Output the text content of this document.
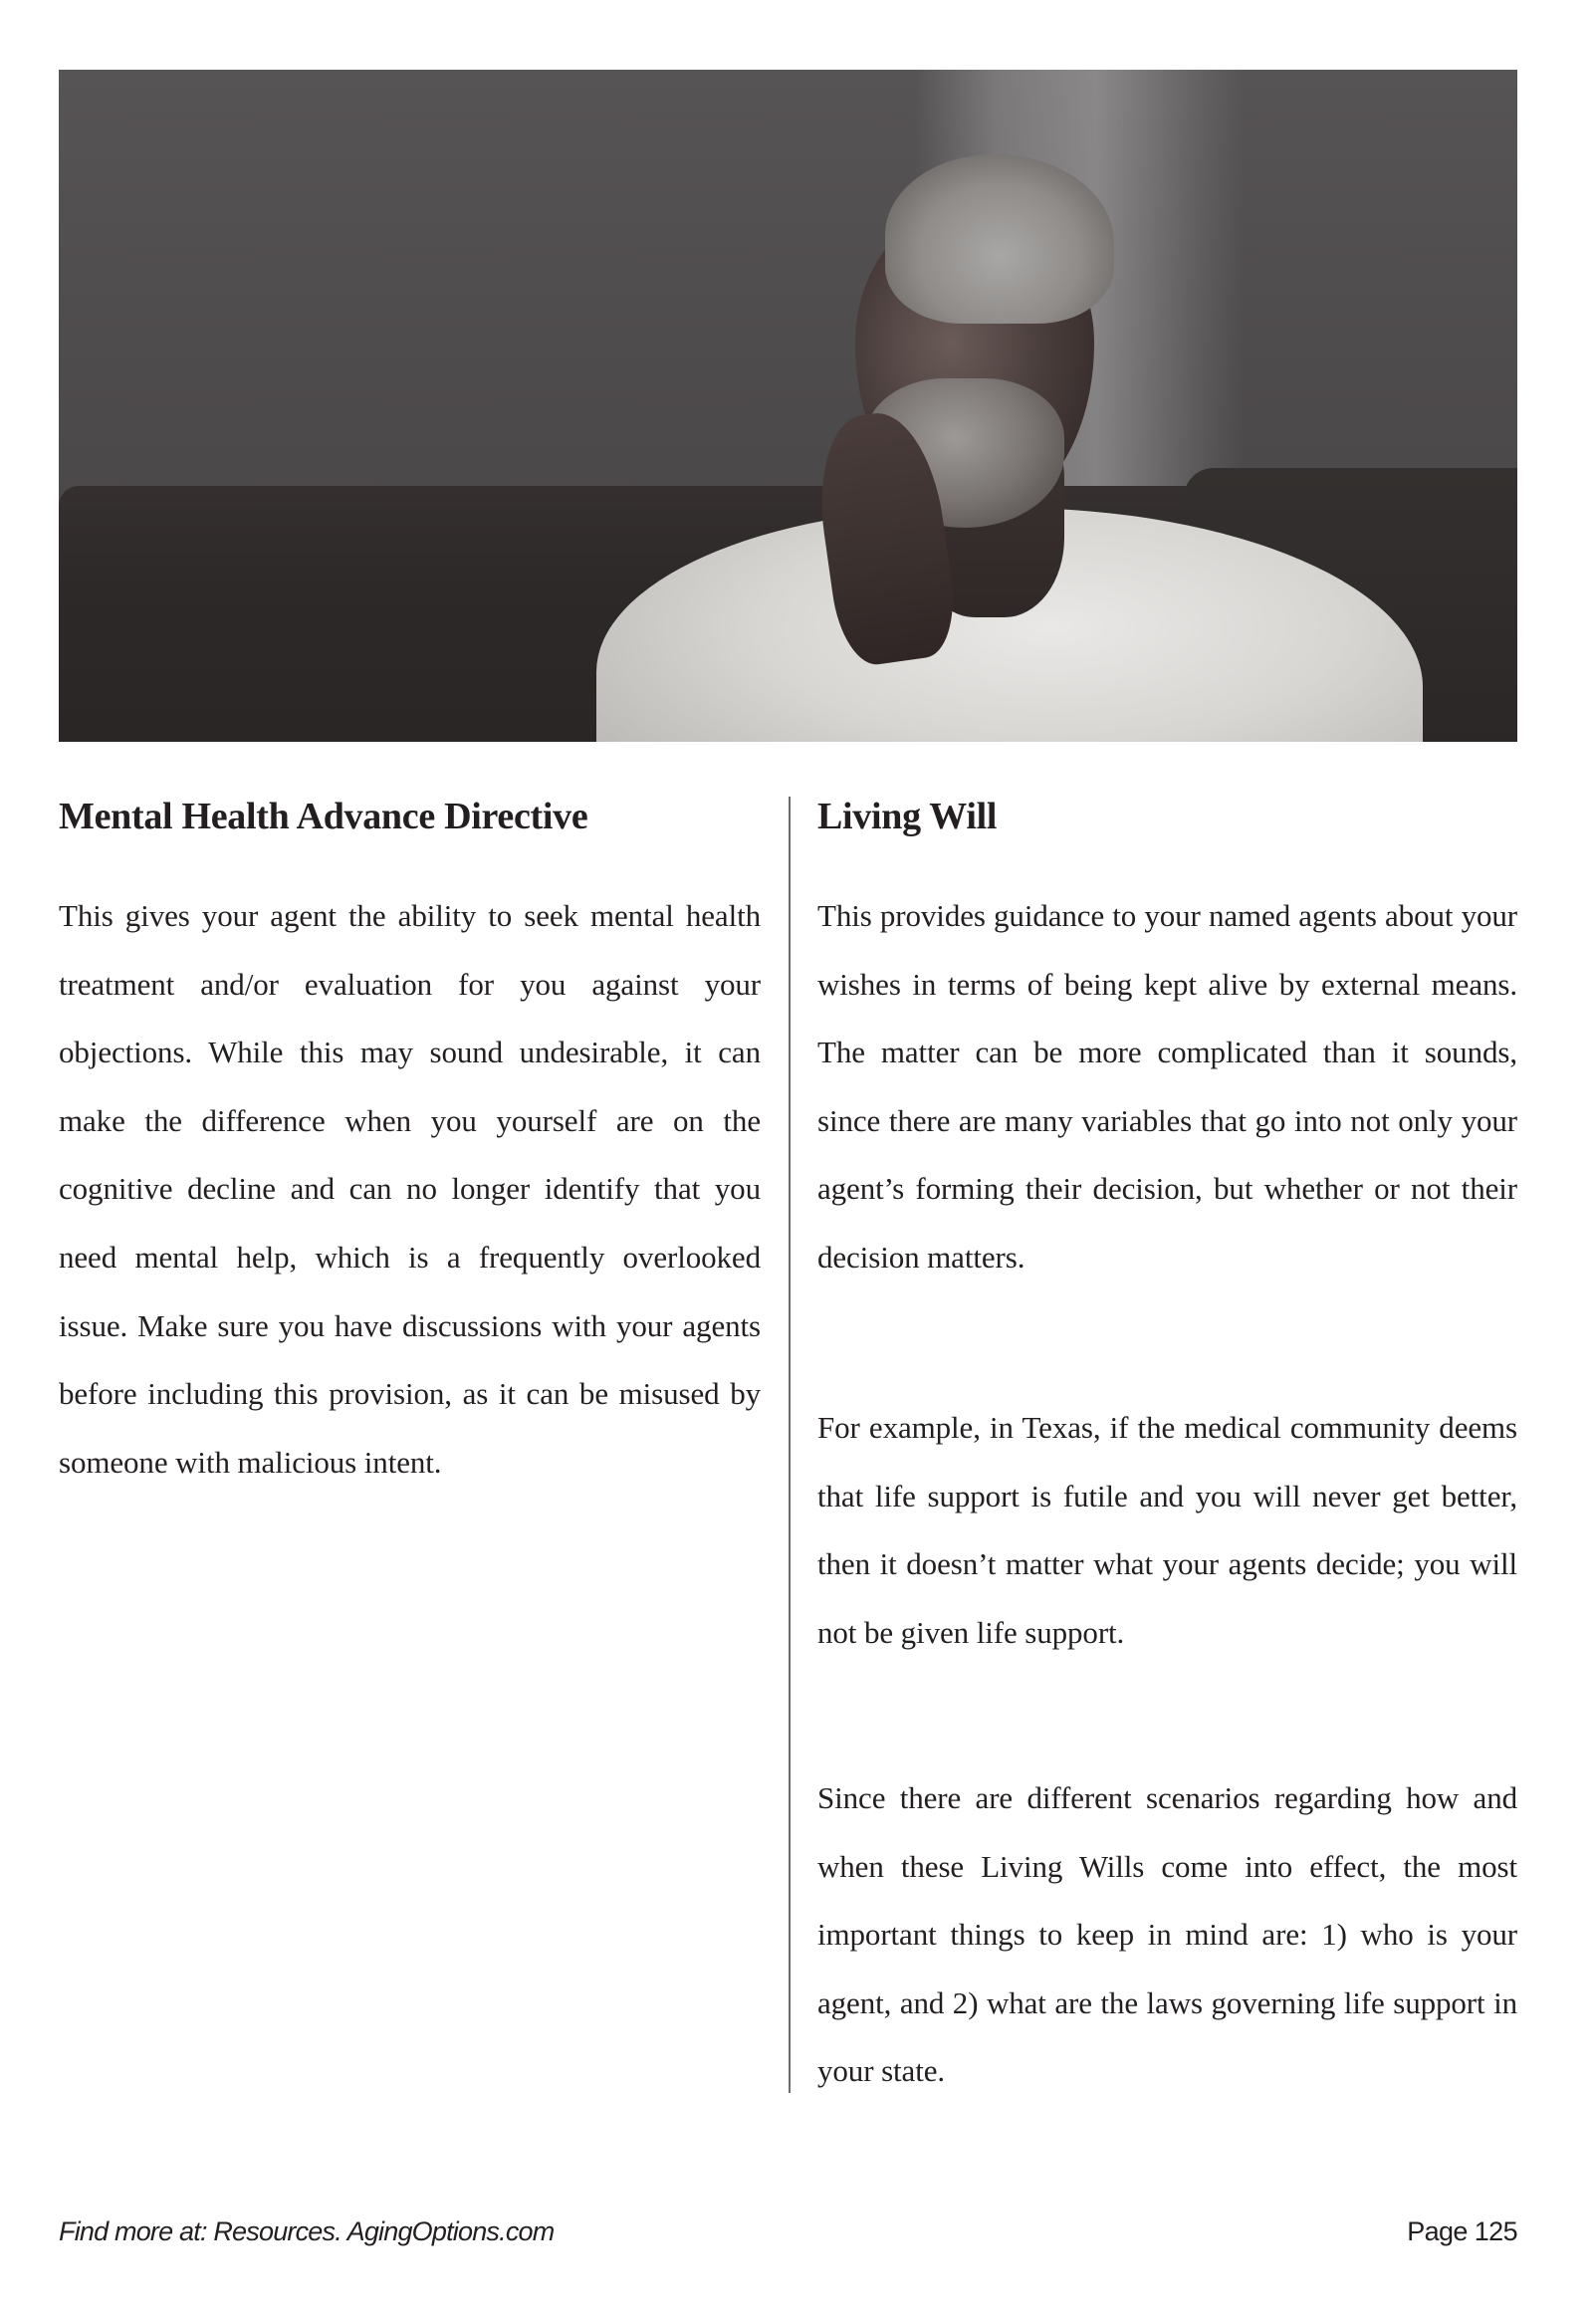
Mental Health Advance Directive

This gives your agent the ability to seek mental health treatment and/or evaluation for you against your objections. While this may sound undesirable, it can make the difference when you yourself are on the cognitive decline and can no longer identify that you need mental help, which is a frequently overlooked issue. Make sure you have discussions with your agents before including this provision, as it can be misused by someone with malicious intent.

Living Will

This provides guidance to your named agents about your wishes in terms of being kept alive by external means. The matter can be more complicated than it sounds, since there are many variables that go into not only your agent’s forming their decision, but whether or not their decision matters.

For example, in Texas, if the medical community deems that life support is futile and you will never get better, then it doesn’t matter what your agents decide; you will not be given life support.

Since there are different scenarios regarding how and when these Living Wills come into effect, the most important things to keep in mind are: 1) who is your agent, and 2) what are the laws governing life support in your state.

Find more at: Resources. AgingOptions.com	Page 125
